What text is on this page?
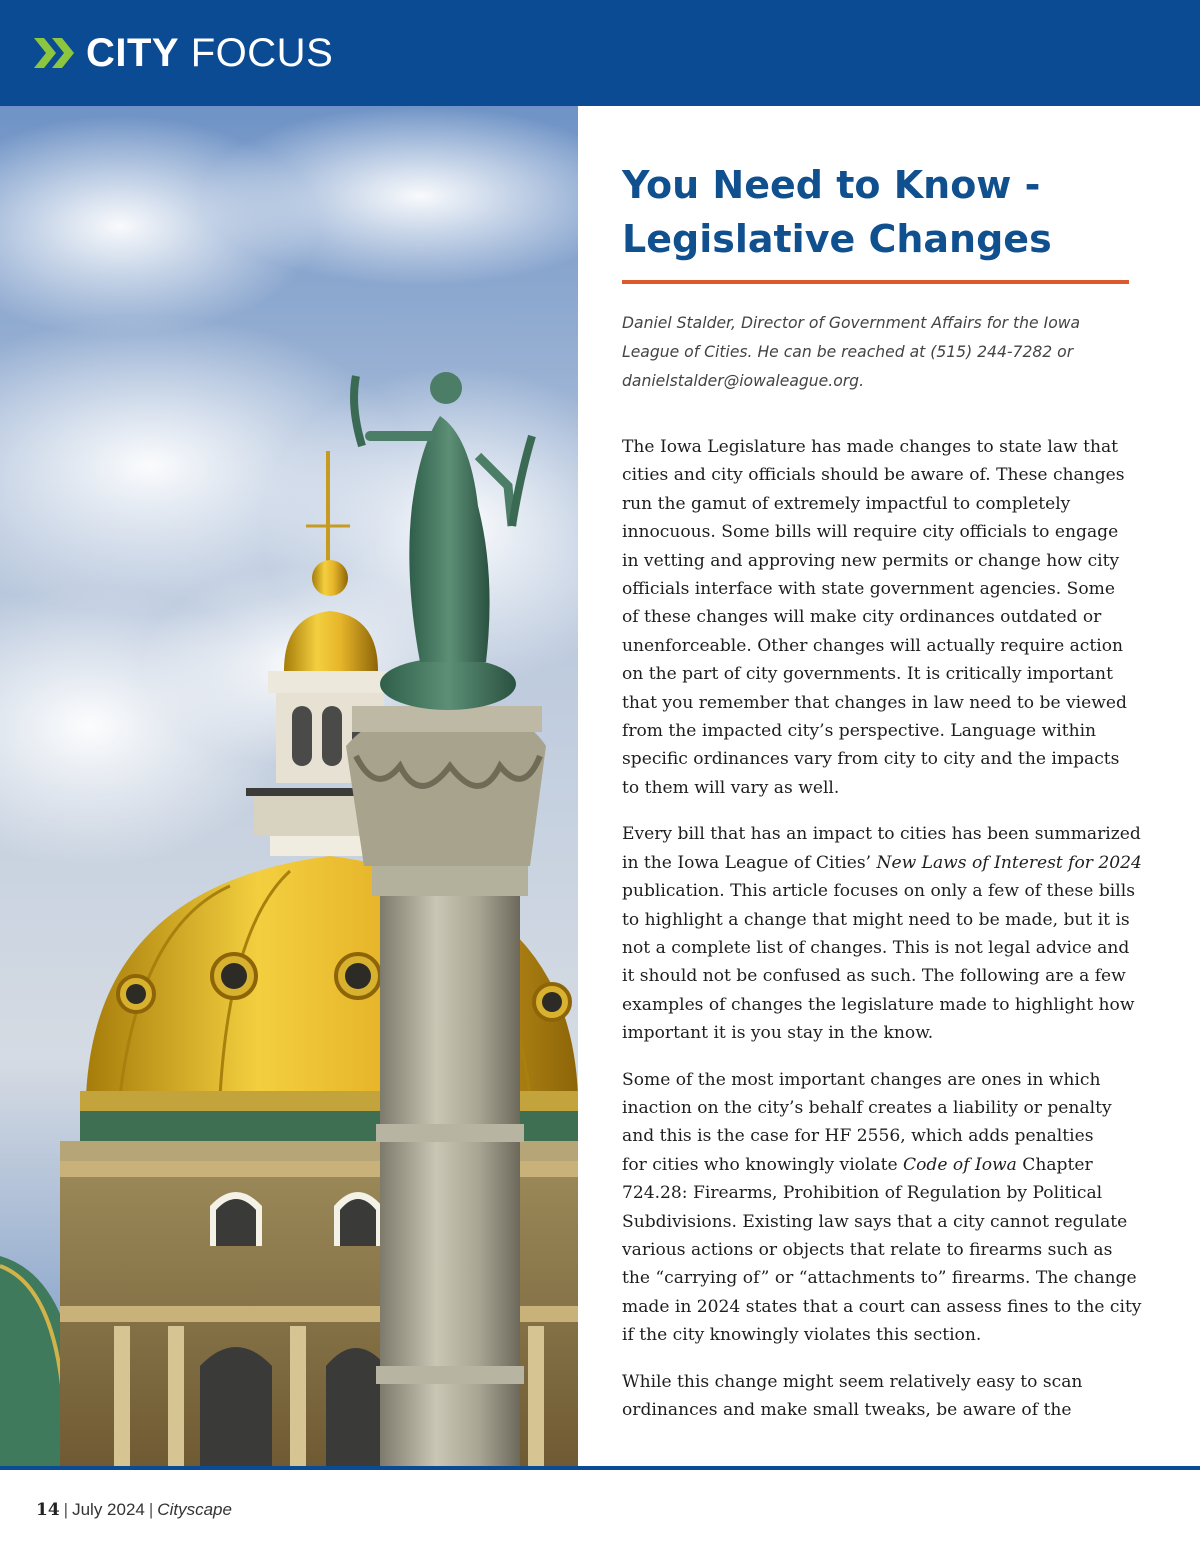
CITY FOCUS
You Need to Know -
Legislative Changes
Daniel Stalder, Director of Government Affairs for the Iowa
League of Cities. He can be reached at (515) 244-7282 or
danielstalder@iowaleague.org.

The Iowa Legislature has made changes to state law that
cities and city officials should be aware of. These changes
run the gamut of extremely impactful to completely
innocuous. Some bills will require city officials to engage
in vetting and approving new permits or change how city
officials interface with state government agencies. Some
of these changes will make city ordinances outdated or
unenforceable. Other changes will actually require action
on the part of city governments. It is critically important
that you remember that changes in law need to be viewed
from the impacted city’s perspective. Language within
specific ordinances vary from city to city and the impacts
to them will vary as well.

Every bill that has an impact to cities has been summarized
in the Iowa League of Cities’ New Laws of Interest for 2024
publication. This article focuses on only a few of these bills
to highlight a change that might need to be made, but it is
not a complete list of changes. This is not legal advice and
it should not be confused as such. The following are a few
examples of changes the legislature made to highlight how
important it is you stay in the know.

Some of the most important changes are ones in which
inaction on the city’s behalf creates a liability or penalty
and this is the case for HF 2556, which adds penalties
for cities who knowingly violate Code of Iowa Chapter
724.28: Firearms, Prohibition of Regulation by Political
Subdivisions. Existing law says that a city cannot regulate
various actions or objects that relate to firearms such as
the “carrying of” or “attachments to” firearms. The change
made in 2024 states that a court can assess fines to the city
if the city knowingly violates this section.

While this change might seem relatively easy to scan
ordinances and make small tweaks, be aware of the

14 | July 2024 | Cityscape
